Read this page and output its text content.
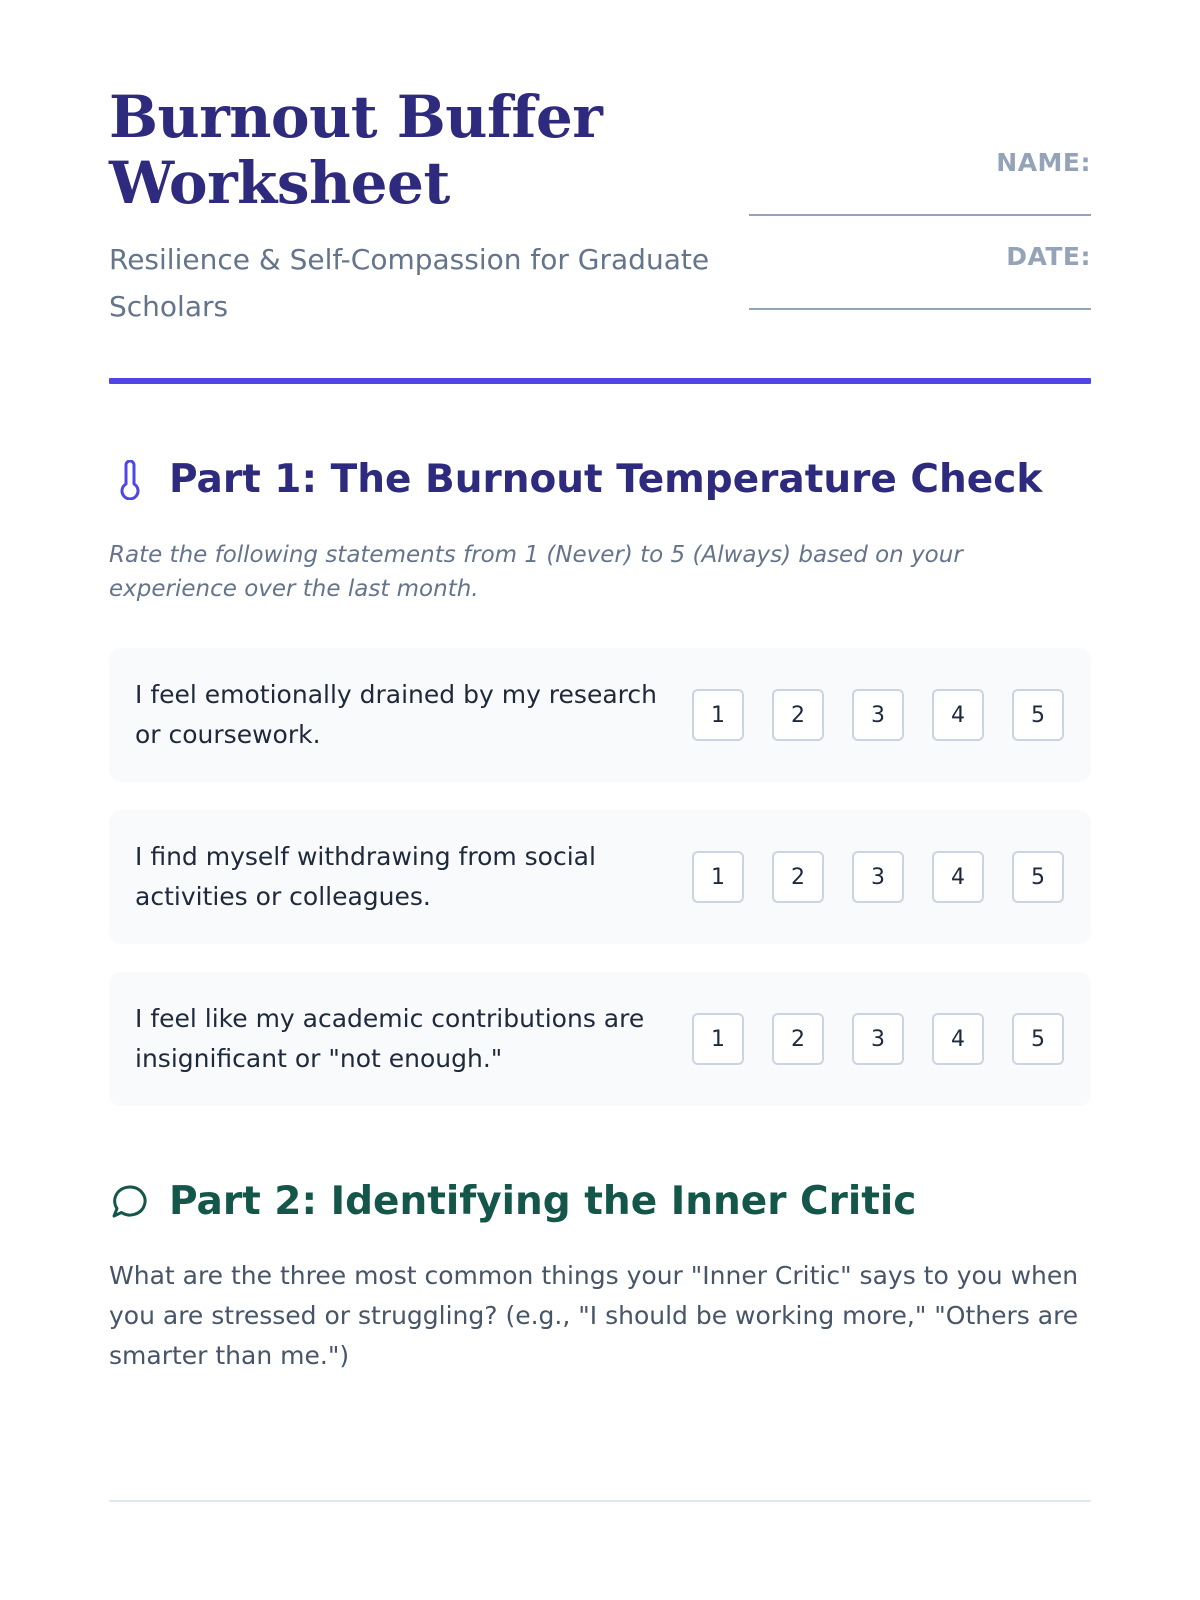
Burnout Buffer Worksheet

Resilience & Self-Compassion for Graduate Scholars

NAME:
DATE:
Part 1: The Burnout Temperature Check

Rate the following statements from 1 (Never) to 5 (Always) based on your experience over the last month.

I feel emotionally drained by my research or coursework.
1	2	3	4	5
I find myself withdrawing from social activities or colleagues.
1	2	3	4	5
I feel like my academic contributions are insignificant or "not enough."
1	2	3	4	5
Part 2: Identifying the Inner Critic

What are the three most common things your "Inner Critic" says to you when you are stressed or struggling? (e.g., "I should be working more," "Others are smarter than me.")
